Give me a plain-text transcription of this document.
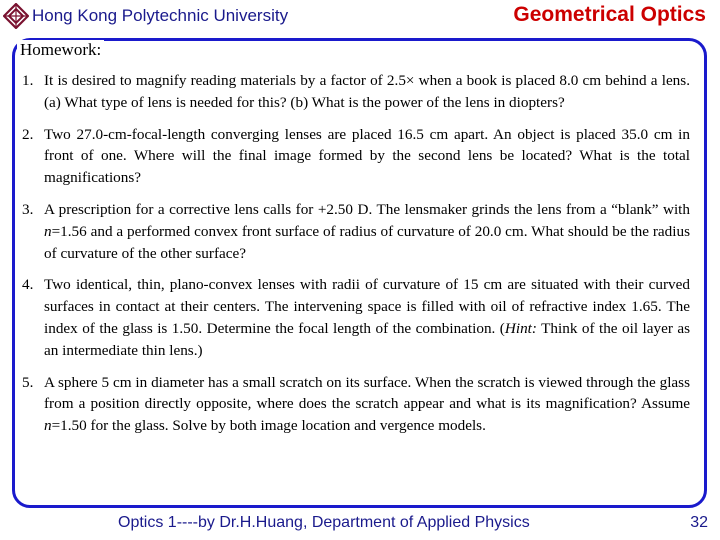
Hong Kong Polytechnic University	Geometrical Optics
Homework:
1. It is desired to magnify reading materials by a factor of 2.5× when a book is placed 8.0 cm behind a lens. (a) What type of lens is needed for this? (b) What is the power of the lens in diopters?
2. Two 27.0-cm-focal-length converging lenses are placed 16.5 cm apart. An object is placed 35.0 cm in front of one. Where will the final image formed by the second lens be located? What is the total magnifications?
3. A prescription for a corrective lens calls for +2.50 D. The lensmaker grinds the lens from a “blank” with n=1.56 and a performed convex front surface of radius of curvature of 20.0 cm. What should be the radius of curvature of the other surface?
4. Two identical, thin, plano-convex lenses with radii of curvature of 15 cm are situated with their curved surfaces in contact at their centers. The intervening space is filled with oil of refractive index 1.65. The index of the glass is 1.50. Determine the focal length of the combination. (Hint: Think of the oil layer as an intermediate thin lens.)
5. A sphere 5 cm in diameter has a small scratch on its surface. When the scratch is viewed through the glass from a position directly opposite, where does the scratch appear and what is its magnification? Assume n=1.50 for the glass. Solve by both image location and vergence models.
Optics 1----by Dr.H.Huang, Department of Applied Physics	32
